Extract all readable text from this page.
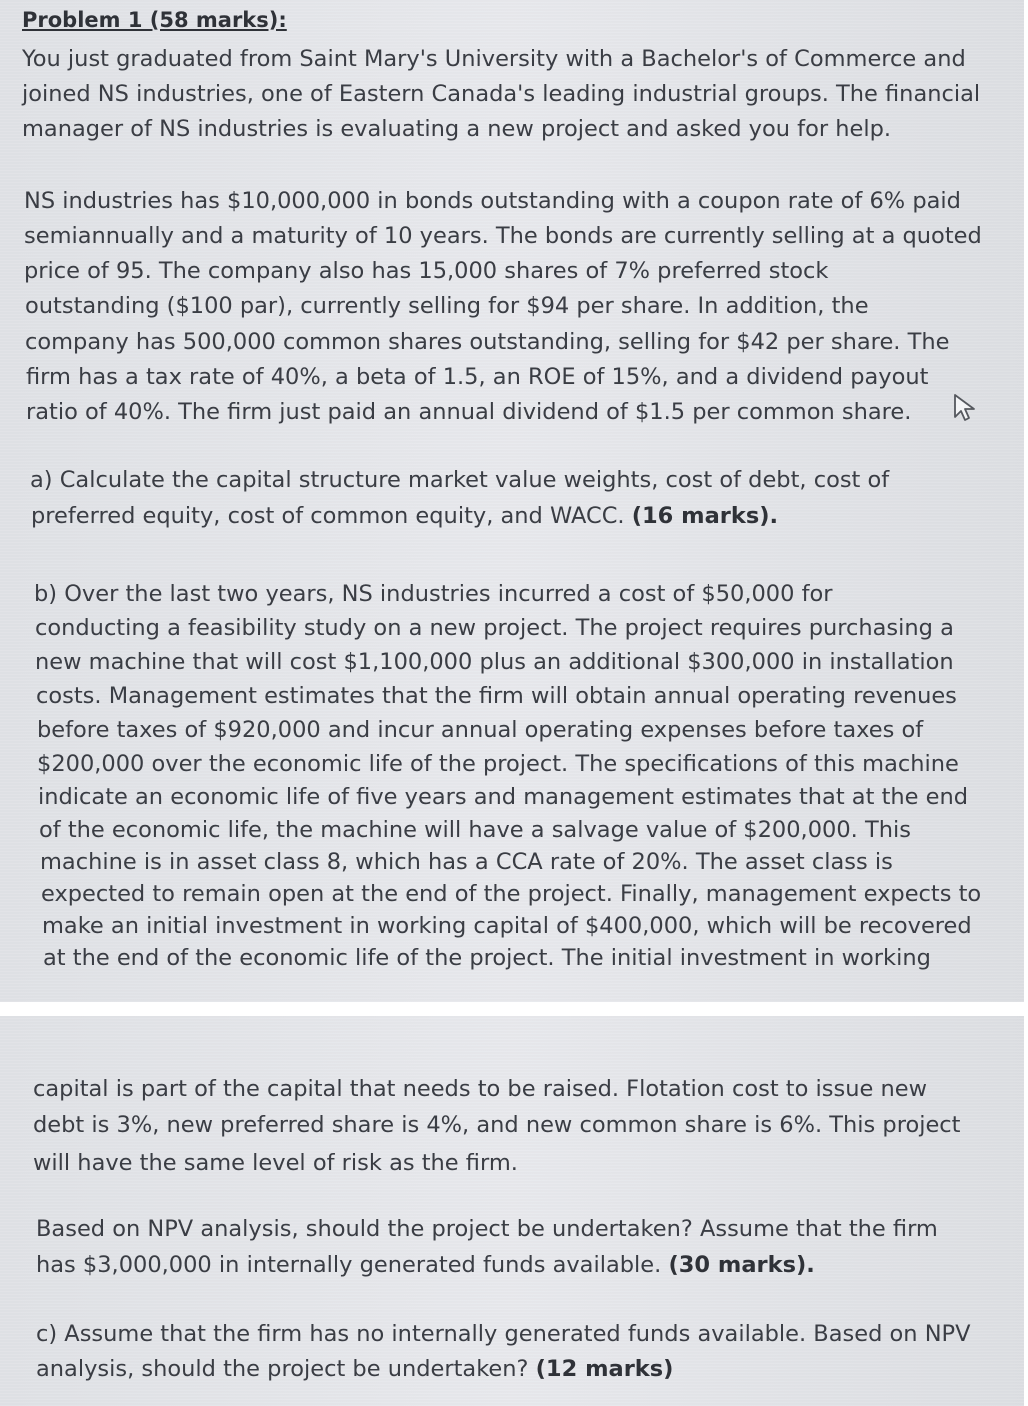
Problem 1 (58 marks):
You just graduated from Saint Mary's University with a Bachelor's of Commerce and
joined NS industries, one of Eastern Canada's leading industrial groups. The financial
manager of NS industries is evaluating a new project and asked you for help.
NS industries has $10,000,000 in bonds outstanding with a coupon rate of 6% paid
semiannually and a maturity of 10 years. The bonds are currently selling at a quoted
price of 95. The company also has 15,000 shares of 7% preferred stock
outstanding ($100 par), currently selling for $94 per share. In addition, the
company has 500,000 common shares outstanding, selling for $42 per share. The
firm has a tax rate of 40%, a beta of 1.5, an ROE of 15%, and a dividend payout
ratio of 40%. The firm just paid an annual dividend of $1.5 per common share.
a) Calculate the capital structure market value weights, cost of debt, cost of
preferred equity, cost of common equity, and WACC. (16 marks).
b) Over the last two years, NS industries incurred a cost of $50,000 for
conducting a feasibility study on a new project. The project requires purchasing a
new machine that will cost $1,100,000 plus an additional $300,000 in installation
costs. Management estimates that the firm will obtain annual operating revenues
before taxes of $920,000 and incur annual operating expenses before taxes of
$200,000 over the economic life of the project. The specifications of this machine
indicate an economic life of five years and management estimates that at the end
of the economic life, the machine will have a salvage value of $200,000. This
machine is in asset class 8, which has a CCA rate of 20%. The asset class is
expected to remain open at the end of the project. Finally, management expects to
make an initial investment in working capital of $400,000, which will be recovered
at the end of the economic life of the project. The initial investment in working
capital is part of the capital that needs to be raised. Flotation cost to issue new
debt is 3%, new preferred share is 4%, and new common share is 6%. This project
will have the same level of risk as the firm.
Based on NPV analysis, should the project be undertaken? Assume that the firm
has $3,000,000 in internally generated funds available. (30 marks).
c) Assume that the firm has no internally generated funds available. Based on NPV
analysis, should the project be undertaken? (12 marks)
